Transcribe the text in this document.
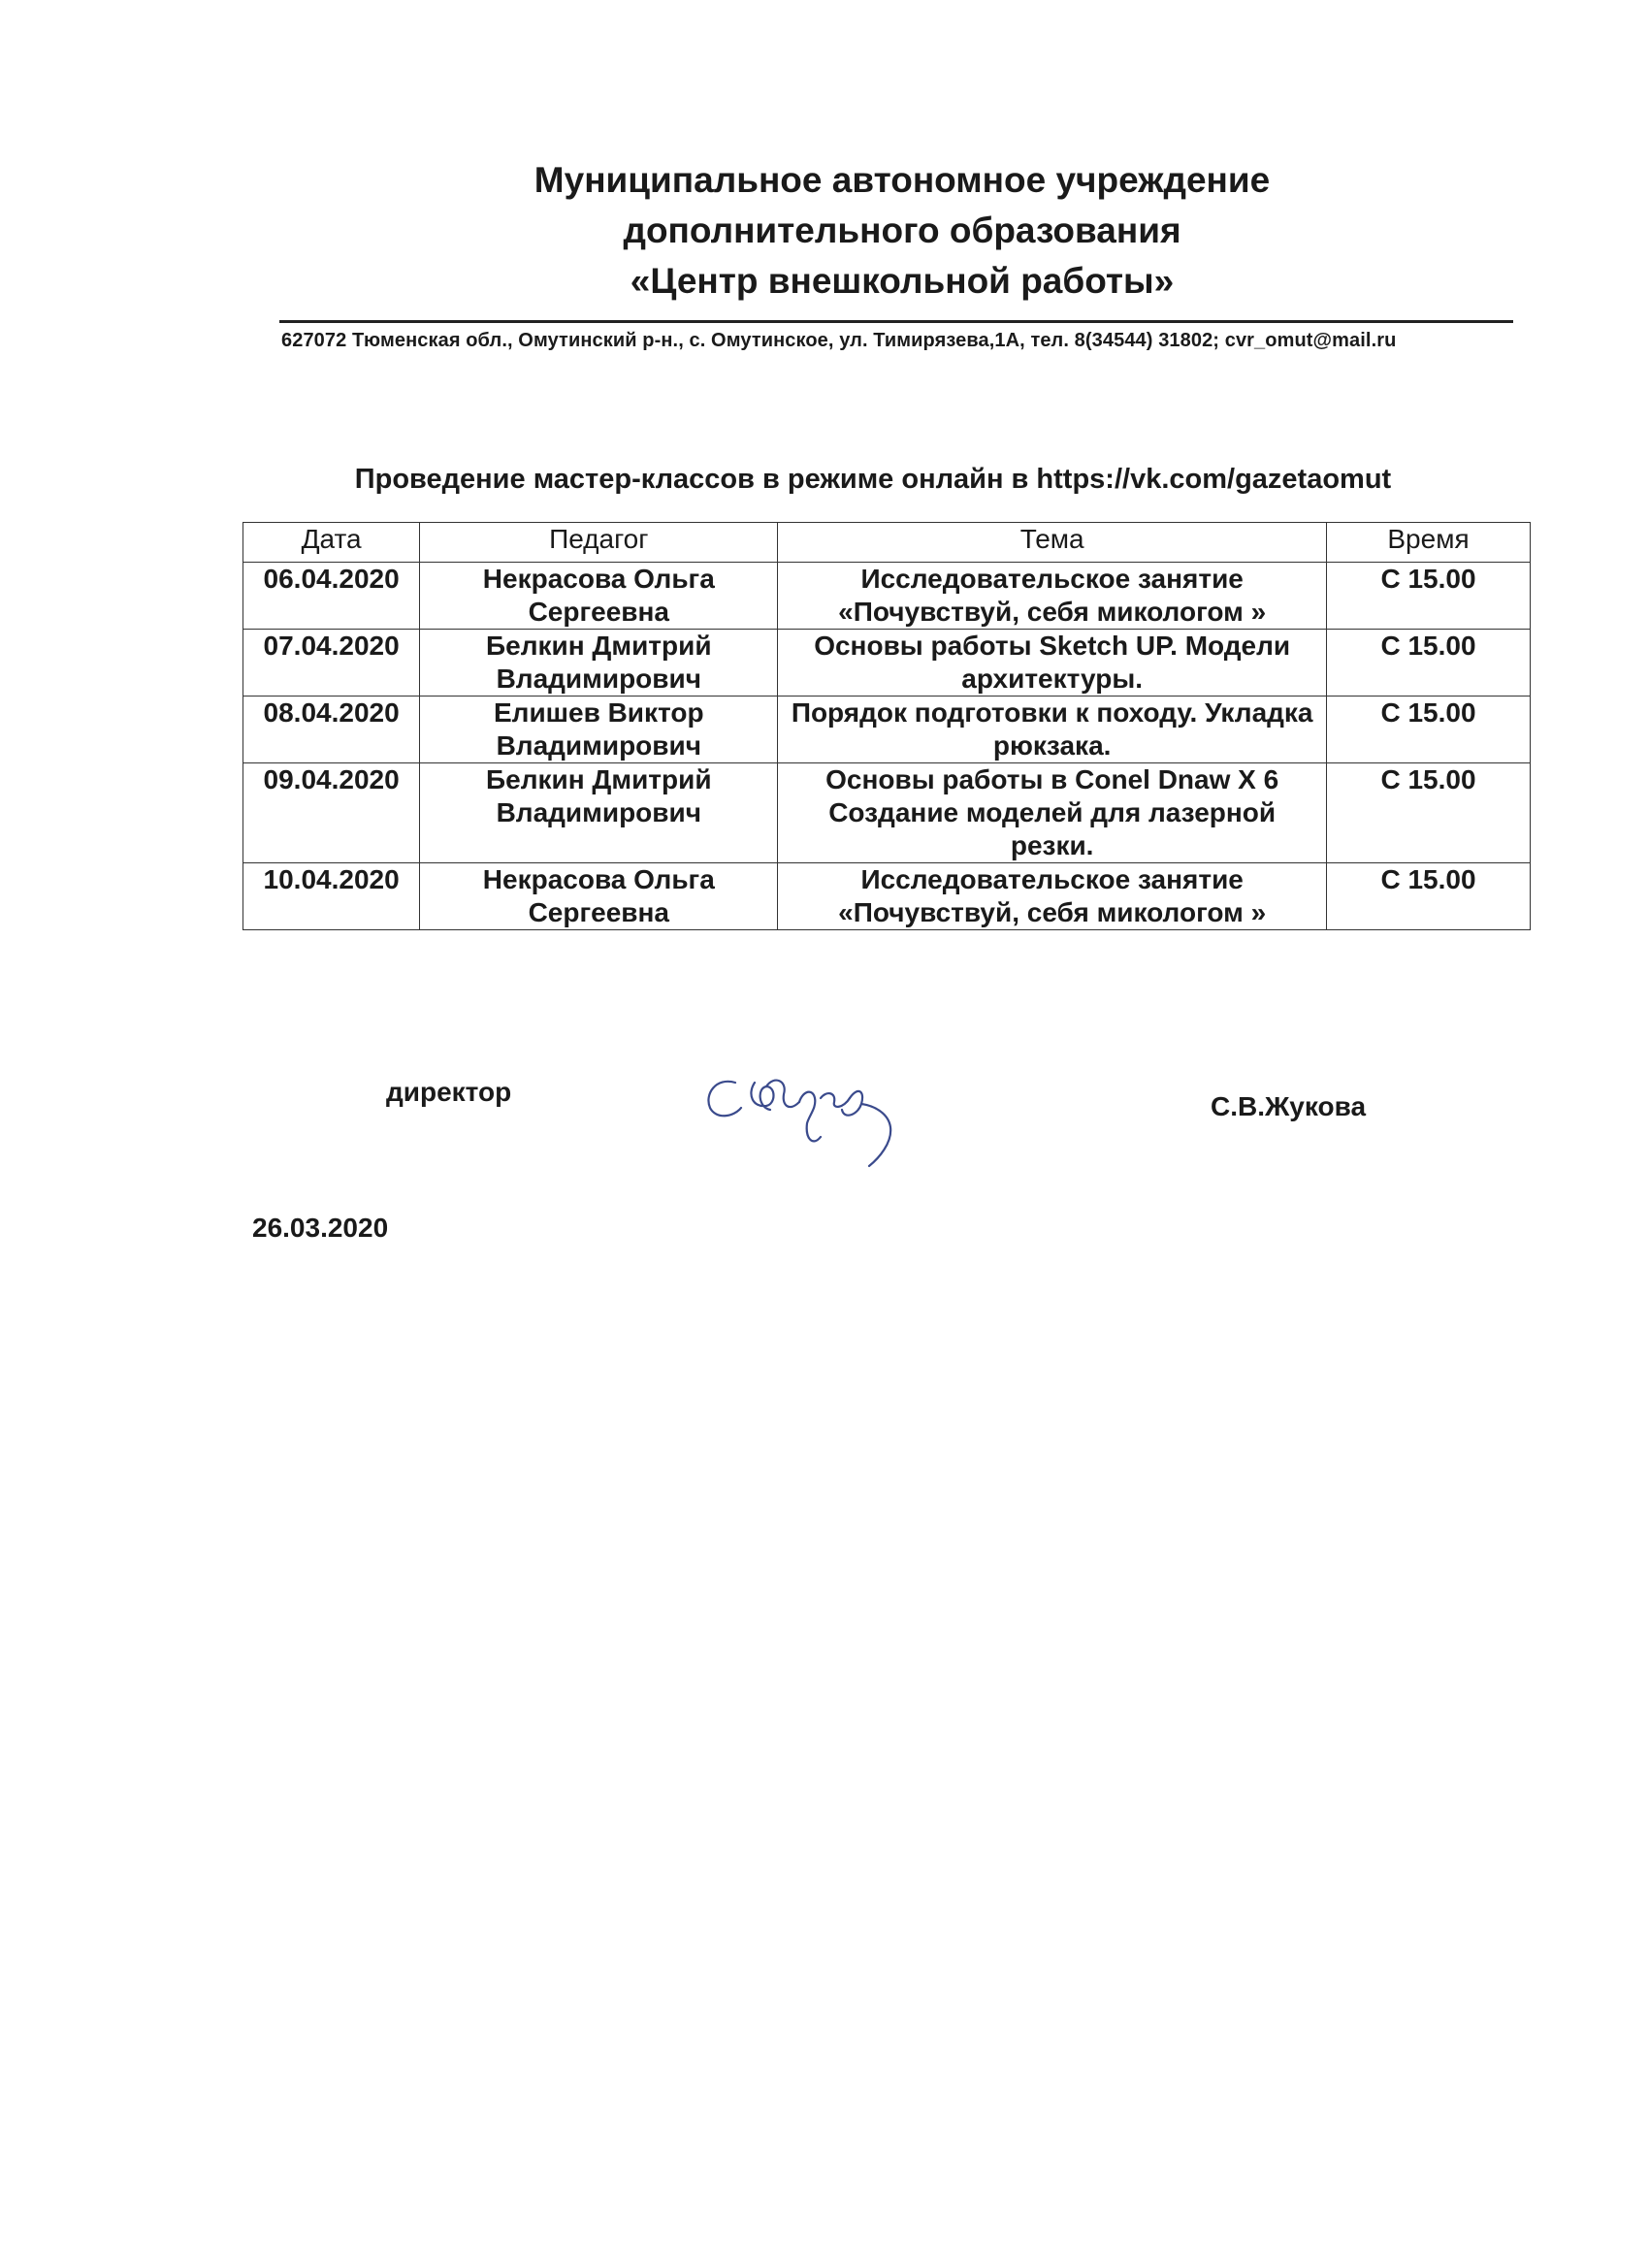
Муниципальное автономное учреждение
дополнительного образования
«Центр внешкольной работы»
627072 Тюменская обл., Омутинский р-н., с. Омутинское, ул. Тимирязева,1А, тел. 8(34544) 31802; cvr_omut@mail.ru
Проведение мастер-классов в режиме онлайн в https://vk.com/gazetaomut
Дата	Педагог	Тема	Время
06.04.2020	Некрасова Ольга Сергеевна	Исследовательское занятие «Почувствуй, себя микологом »	С 15.00
07.04.2020	Белкин Дмитрий Владимирович	Основы работы Sketch UP. Модели архитектуры.	С 15.00
08.04.2020	Елишев Виктор Владимирович	Порядок подготовки к походу. Укладка рюкзака.	С 15.00
09.04.2020	Белкин Дмитрий Владимирович	Основы работы в Conel Dnaw X 6 Создание моделей для лазерной резки.	С 15.00
10.04.2020	Некрасова Ольга Сергеевна	Исследовательское занятие «Почувствуй, себя микологом »	С 15.00
директор	С.В.Жукова
26.03.2020
